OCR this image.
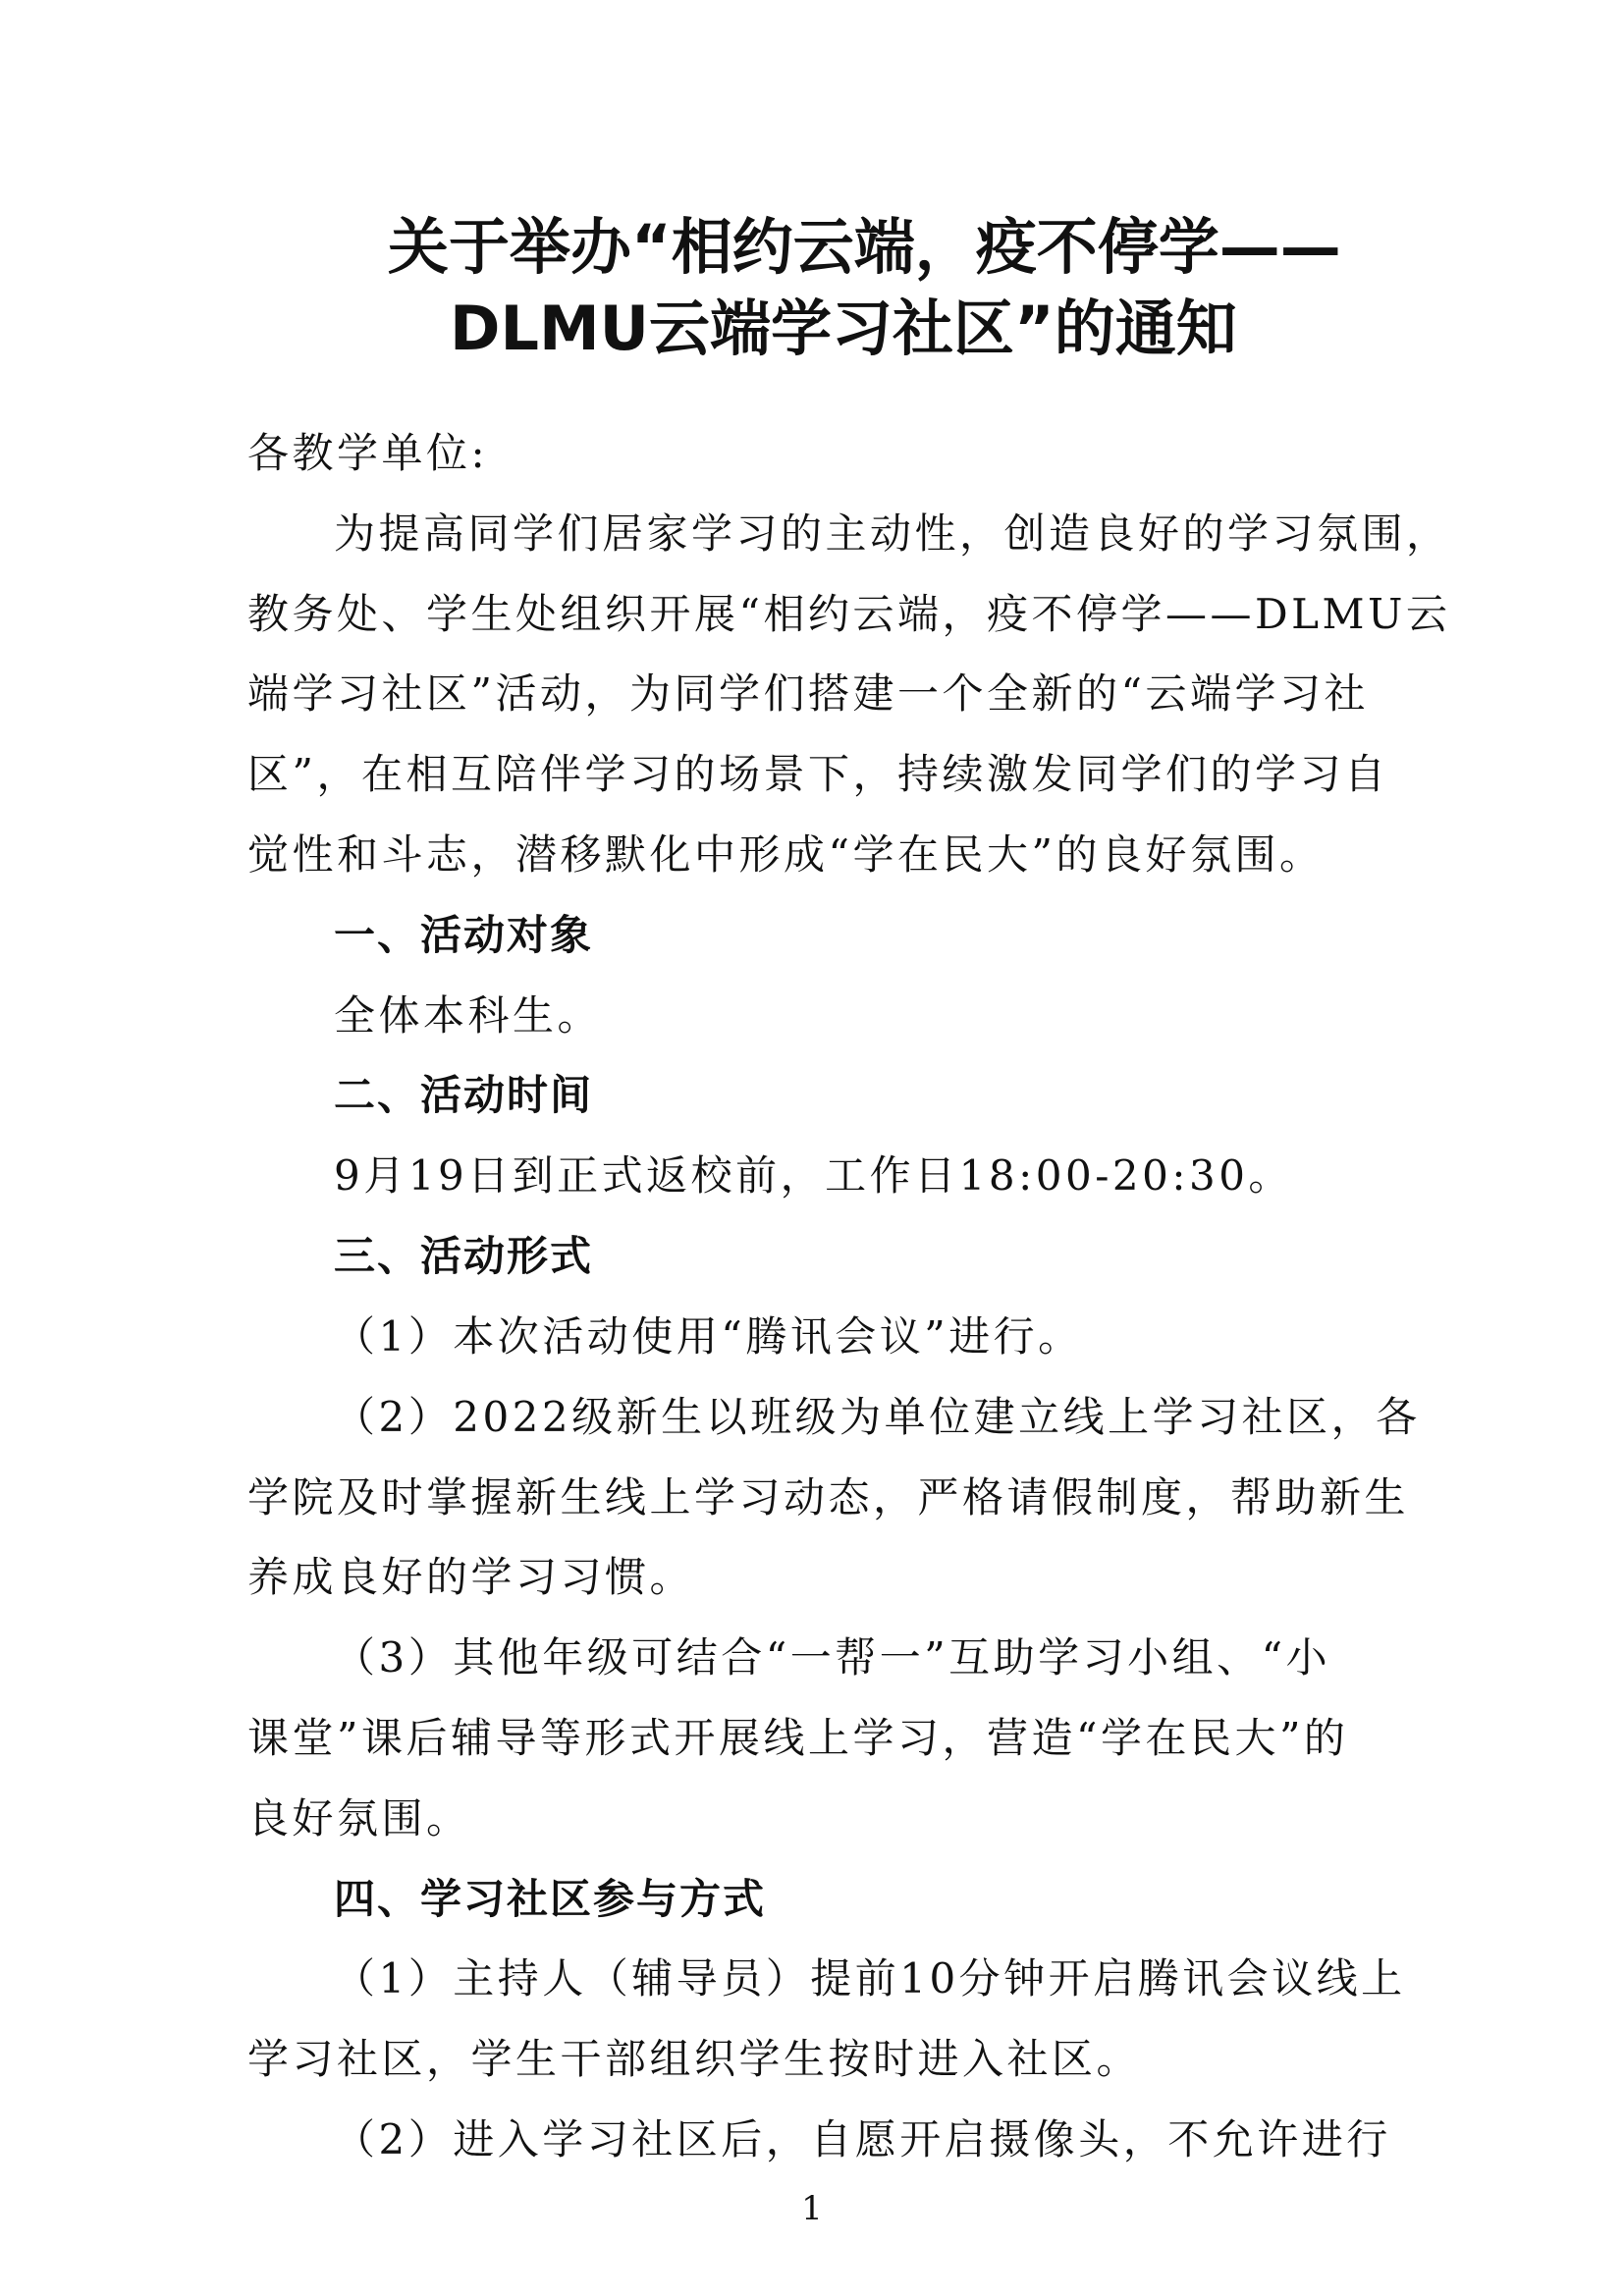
关于举办“相约云端，疫不停学——
DLMU云端学习社区”的通知

各教学单位:

为提高同学们居家学习的主动性，创造良好的学习氛围，

教务处、学生处组织开展“相约云端，疫不停学——DLMU云

端学习社区”活动，为同学们搭建一个全新的“云端学习社

区”，在相互陪伴学习的场景下，持续激发同学们的学习自

觉性和斗志，潜移默化中形成“学在民大”的良好氛围。

一、活动对象

全体本科生。

二、活动时间

9月19日到正式返校前，工作日18:00-20:30。

三、活动形式

（1）本次活动使用“腾讯会议”进行。

（2）2022级新生以班级为单位建立线上学习社区，各

学院及时掌握新生线上学习动态，严格请假制度，帮助新生

养成良好的学习习惯。

（3）其他年级可结合“一帮一”互助学习小组、“小

课堂”课后辅导等形式开展线上学习，营造“学在民大”的

良好氛围。

四、学习社区参与方式

（1）主持人（辅导员）提前10分钟开启腾讯会议线上

1

学习社区，学生干部组织学生按时进入社区。

（2）进入学习社区后，自愿开启摄像头，不允许进行
